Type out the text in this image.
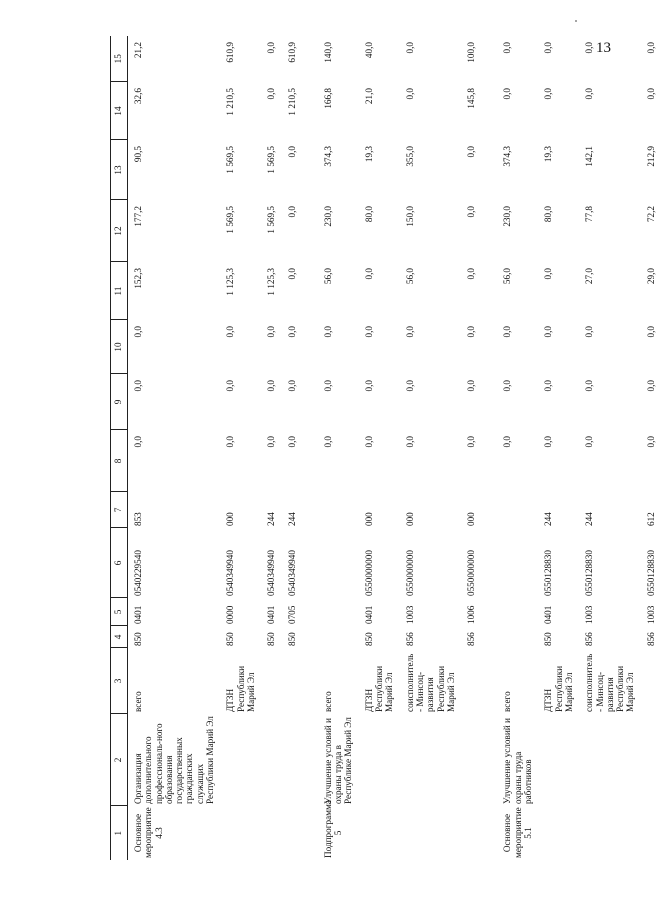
13
1	2	3	4	5	6	7	8	9	10	11	12	13	14	15
Основное мероприятие 4.3	Организация дополнительного профессиональ-ного образования государственных гражданских служащих Республики Марий Эл	всего	850	0401	0540229540	853	0,0	0,0	0,0	152,3	177,2	90,5	32,6	21,2
		ДТЗН Республики Марий Эл	850	0000	0540349940	000	0,0	0,0	0,0	1 125,3	1 569,5	1 569,5	1 210,5	610,9
			850	0401	0540349940	244	0,0	0,0	0,0	1 125,3	1 569,5	1 569,5	0,0	0,0
			850	0705	0540349940	244	0,0	0,0	0,0	0,0	0,0	0,0	1 210,5	610,9

Подпрограмма 5	Улучшение условий и охраны труда в Республике Марий Эл	всего					0,0	0,0	0,0	56,0	230,0	374,3	166,8	140,0
		ДТЗН Республики Марий Эл	850	0401	0550000000	000	0,0	0,0	0,0	0,0	80,0	19,3	21,0	40,0
		соисполнитель - Минсоц-развития Республики Марий Эл	856	1003	0550000000	000	0,0	0,0	0,0	56,0	150,0	355,0	0,0	0,0
			856	1006	0550000000	000	0,0	0,0	0,0	0,0	0,0	0,0	145,8	100,0

Основное мероприятие 5.1	Улучшение условий и охраны труда работников	всего					0,0	0,0	0,0	56,0	230,0	374,3	0,0	0,0
		ДТЗН Республики Марий Эл	850	0401	0550128830	244	0,0	0,0	0,0	0,0	80,0	19,3	0,0	0,0
		соисполнитель - Минсоц-развития Республики Марий Эл	856	1003	0550128830	244	0,0	0,0	0,0	27,0	77,8	142,1	0,0	0,0
			856	1003	0550128830	612	0,0	0,0	0,0	29,0	72,2	212,9	0,0	0,0
